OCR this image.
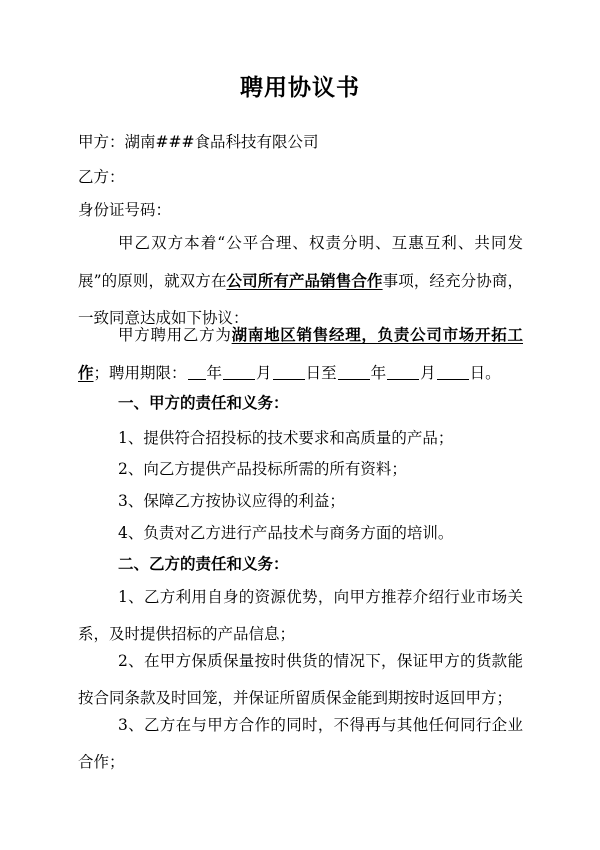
聘用协议书
甲方：湖南###食品科技有限公司
乙方：
身份证号码：
甲乙双方本着“公平合理、权责分明、互惠互利、共同发展”的原则，就双方在公司所有产品销售合作事项，经充分协商，一致同意达成如下协议：
甲方聘用乙方为湖南地区销售经理，负责公司市场开拓工作；聘用期限： 年 月 日至 年 月 日。
一、甲方的责任和义务：
1、提供符合招投标的技术要求和高质量的产品；
2、向乙方提供产品投标所需的所有资料；
3、保障乙方按协议应得的利益；
4、负责对乙方进行产品技术与商务方面的培训。
二、乙方的责任和义务：
1、乙方利用自身的资源优势，向甲方推荐介绍行业市场关系，及时提供招标的产品信息；
2、在甲方保质保量按时供货的情况下，保证甲方的货款能按合同条款及时回笼，并保证所留质保金能到期按时返回甲方；
3、乙方在与甲方合作的同时，不得再与其他任何同行企业合作；
